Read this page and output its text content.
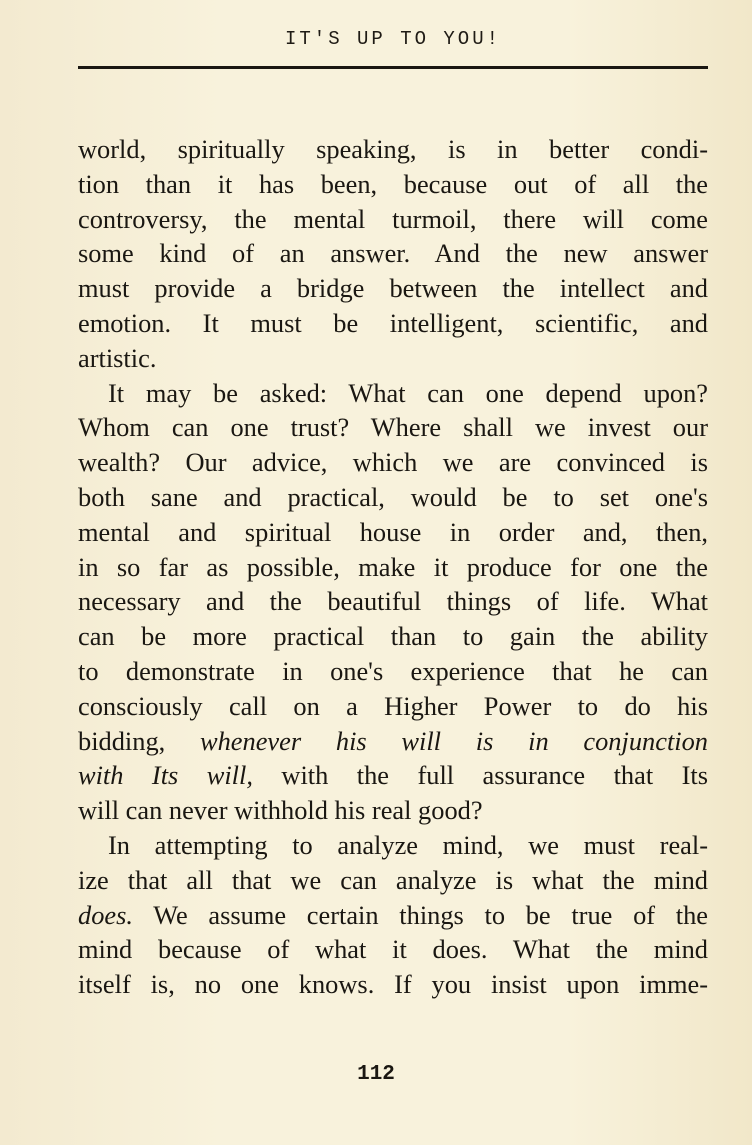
IT'S UP TO YOU!
world, spiritually speaking, is in better condi-
tion than it has been, because out of all the
controversy, the mental turmoil, there will come
some kind of an answer. And the new answer
must provide a bridge between the intellect and
emotion. It must be intelligent, scientific, and
artistic.
It may be asked: What can one depend upon?
Whom can one trust? Where shall we invest our
wealth? Our advice, which we are convinced is
both sane and practical, would be to set one's
mental and spiritual house in order and, then,
in so far as possible, make it produce for one the
necessary and the beautiful things of life. What
can be more practical than to gain the ability
to demonstrate in one's experience that he can
consciously call on a Higher Power to do his
bidding, whenever his will is in conjunction
with Its will, with the full assurance that Its
will can never withhold his real good?
In attempting to analyze mind, we must real-
ize that all that we can analyze is what the mind
does. We assume certain things to be true of the
mind because of what it does. What the mind
itself is, no one knows. If you insist upon imme-
112
